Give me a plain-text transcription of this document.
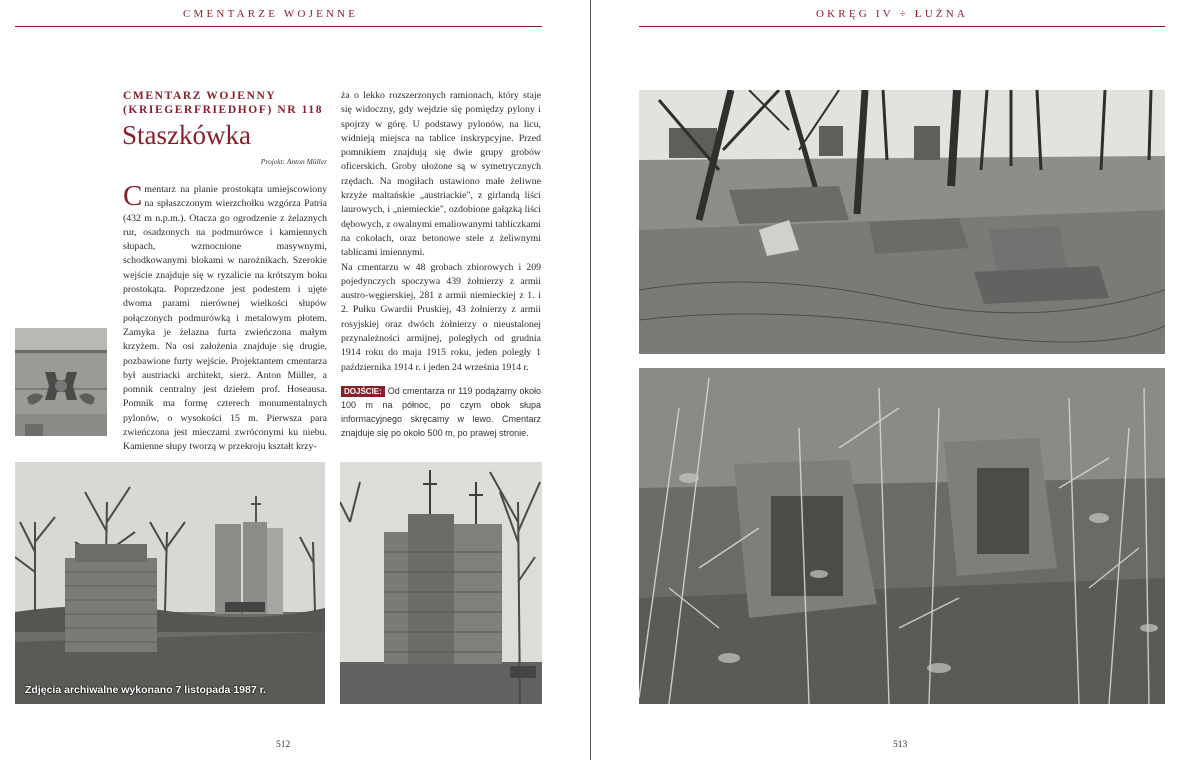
CMENTARZE WOJENNE
CMENTARZ WOJENNY
(KRIEGERFRIEDHOF) NR 118
Staszkówka
Projekt: Anton Müller
Cmentarz na planie prostokąta umiejscowiony na spłaszczonym wierzchołku wzgórza Patria (432 m n.p.m.). Otacza go ogrodzenie z żelaznych rur, osadzonych na podmurówce i kamiennych słupach, wzmocnione masywnymi, schodkowanymi blokami w narożnikach. Szerokie wejście znajduje się w ryzalicie na krótszym boku prostokąta. Poprzedzone jest podestem i ujęte dwoma parami nierównej wielkości słupów połączonych podmurówką i metalowym płotem. Zamyka je żelazna furta zwieńczona małym krzyżem. Na osi założenia znajduje się drugie, pozbawione furty wejście. Projektantem cmentarza był austriacki architekt, sierż. Anton Müller, a pomnik centralny jest dziełem prof. Hoseausa. Pomnik ma formę czterech monumentalnych pylonów, o wysokości 15 m. Pierwsza para zwieńczona jest mieczami zwróconymi ku niebu. Kamienne słupy tworzą w przekroju kształt krzy-

ża o lekko rozszerzonych ramionach, który staje się widoczny, gdy wejdzie się pomiędzy pylony i spojrzy w górę. U podstawy pylonów, na licu, widnieją miejsca na tablice inskrypcyjne. Przed pomnikiem znajdują się dwie grupy grobów oficerskich. Groby ułożone są w symetrycznych rzędach. Na mogiłach ustawiono małe żeliwne krzyże maltańskie „austriackie", z girlandą liści laurowych, i „niemieckie", ozdobione gałązką liści dębowych, z owalnymi emaliowanymi tabliczkami na cokołach, oraz betonowe stele z żeliwnymi tablicami imiennymi.

Na cmentarzu w 48 grobach zbiorowych i 209 pojedynczych spoczywa 439 żołnierzy z armii austro-węgierskiej, 281 z armii niemieckiej z 1. i 2. Pułku Gwardii Pruskiej, 43 żołnierzy z armii rosyjskiej oraz dwóch żołnierzy o nieustalonej przynależności armijnej, poległych od grudnia 1914 roku do maja 1915 roku, jeden poległy 1 października 1914 r. i jeden 24 września 1914 r.

DOJŚCIE: Od cmentarza nr 119 podążamy około 100 m na północ, po czym obok słupa informacyjnego skręcamy w lewo. Cmentarz znajduje się po około 500 m, po prawej stronie.
Zdjęcia archiwalne wykonano 7 listopada 1987 r.
512
OKRĘG IV ÷ ŁUŻNA
513
